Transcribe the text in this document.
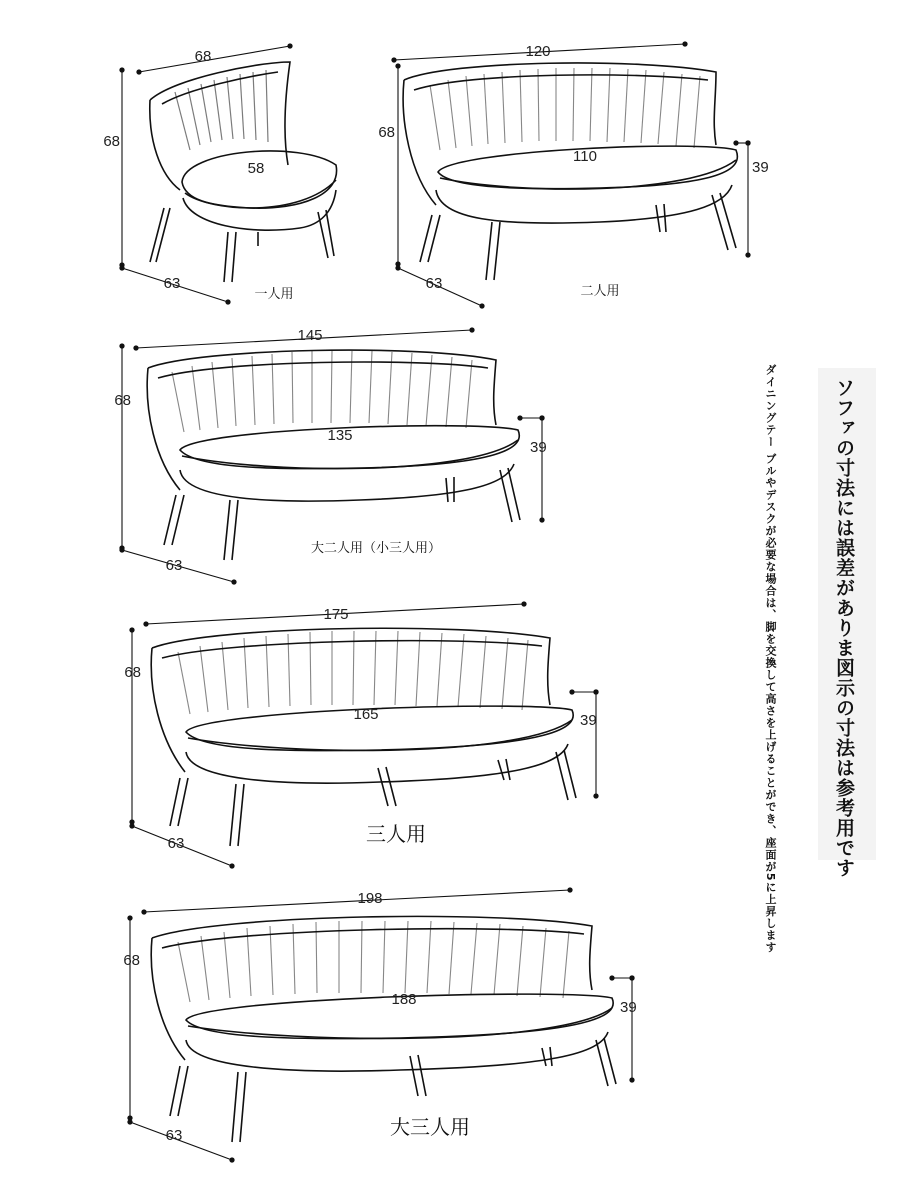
ソファの寸法には誤差がありま図示の寸法は参考用です
ダイニングテー ブルやデスクが必要な場合は、脚を交換して高さを上げることができ、座面が5に上昇します
68
68
58
63
一人用
120
68
110
39
63	二人用
145
68
135
39
63
大二人用（小三人用）
175
68
165	39
63	三人用
198
68
188	39
63	大三人用
